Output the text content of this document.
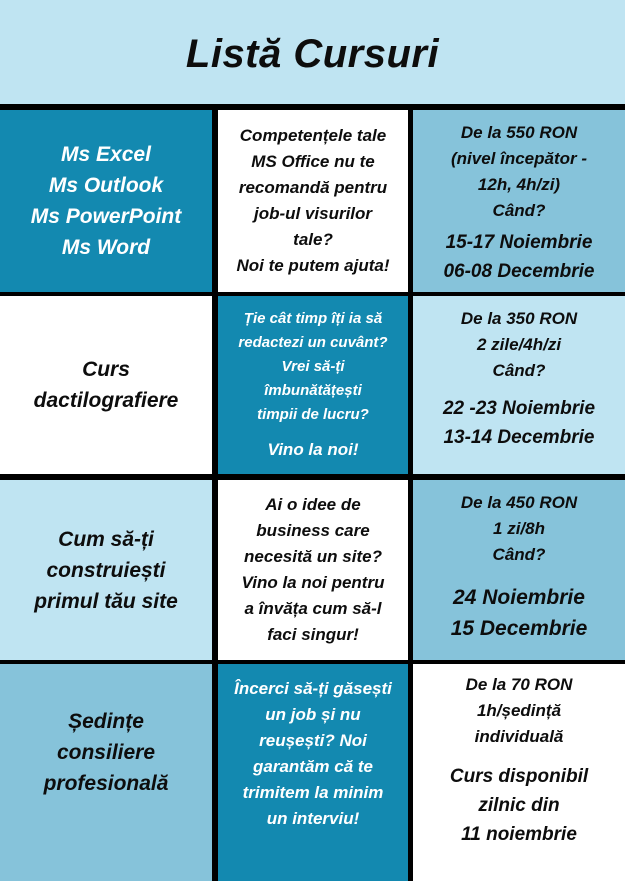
Listă Cursuri
Ms Excel
Ms Outlook
Ms PowerPoint
Ms Word
Competențele tale
MS Office nu te
recomandă pentru
job-ul visurilor
tale?
Noi te putem ajuta!
De la 550 RON
(nivel începător -
12h, 4h/zi)
Când?
15-17 Noiembrie
06-08 Decembrie
Curs
dactilografiere
Ție cât timp îți ia să
redactezi un cuvânt?
Vrei să-ți
îmbunătățești
timpii de lucru?
Vino la noi!
De la 350 RON
2 zile/4h/zi
Când?
22 -23 Noiembrie
13-14 Decembrie
Cum să-ți
construiești
primul tău site
Ai o idee de
business care
necesită un site?
Vino la noi pentru
a învăța cum să-l
faci singur!
De la 450 RON
1 zi/8h
Când?
24 Noiembrie
15 Decembrie
Ședințe
consiliere
profesională
Încerci să-ți găsești
un job și nu
reușești? Noi
garantăm că te
trimitem la minim
un interviu!
De la 70 RON
1h/ședință
individuală
Curs disponibil
zilnic din
11 noiembrie
